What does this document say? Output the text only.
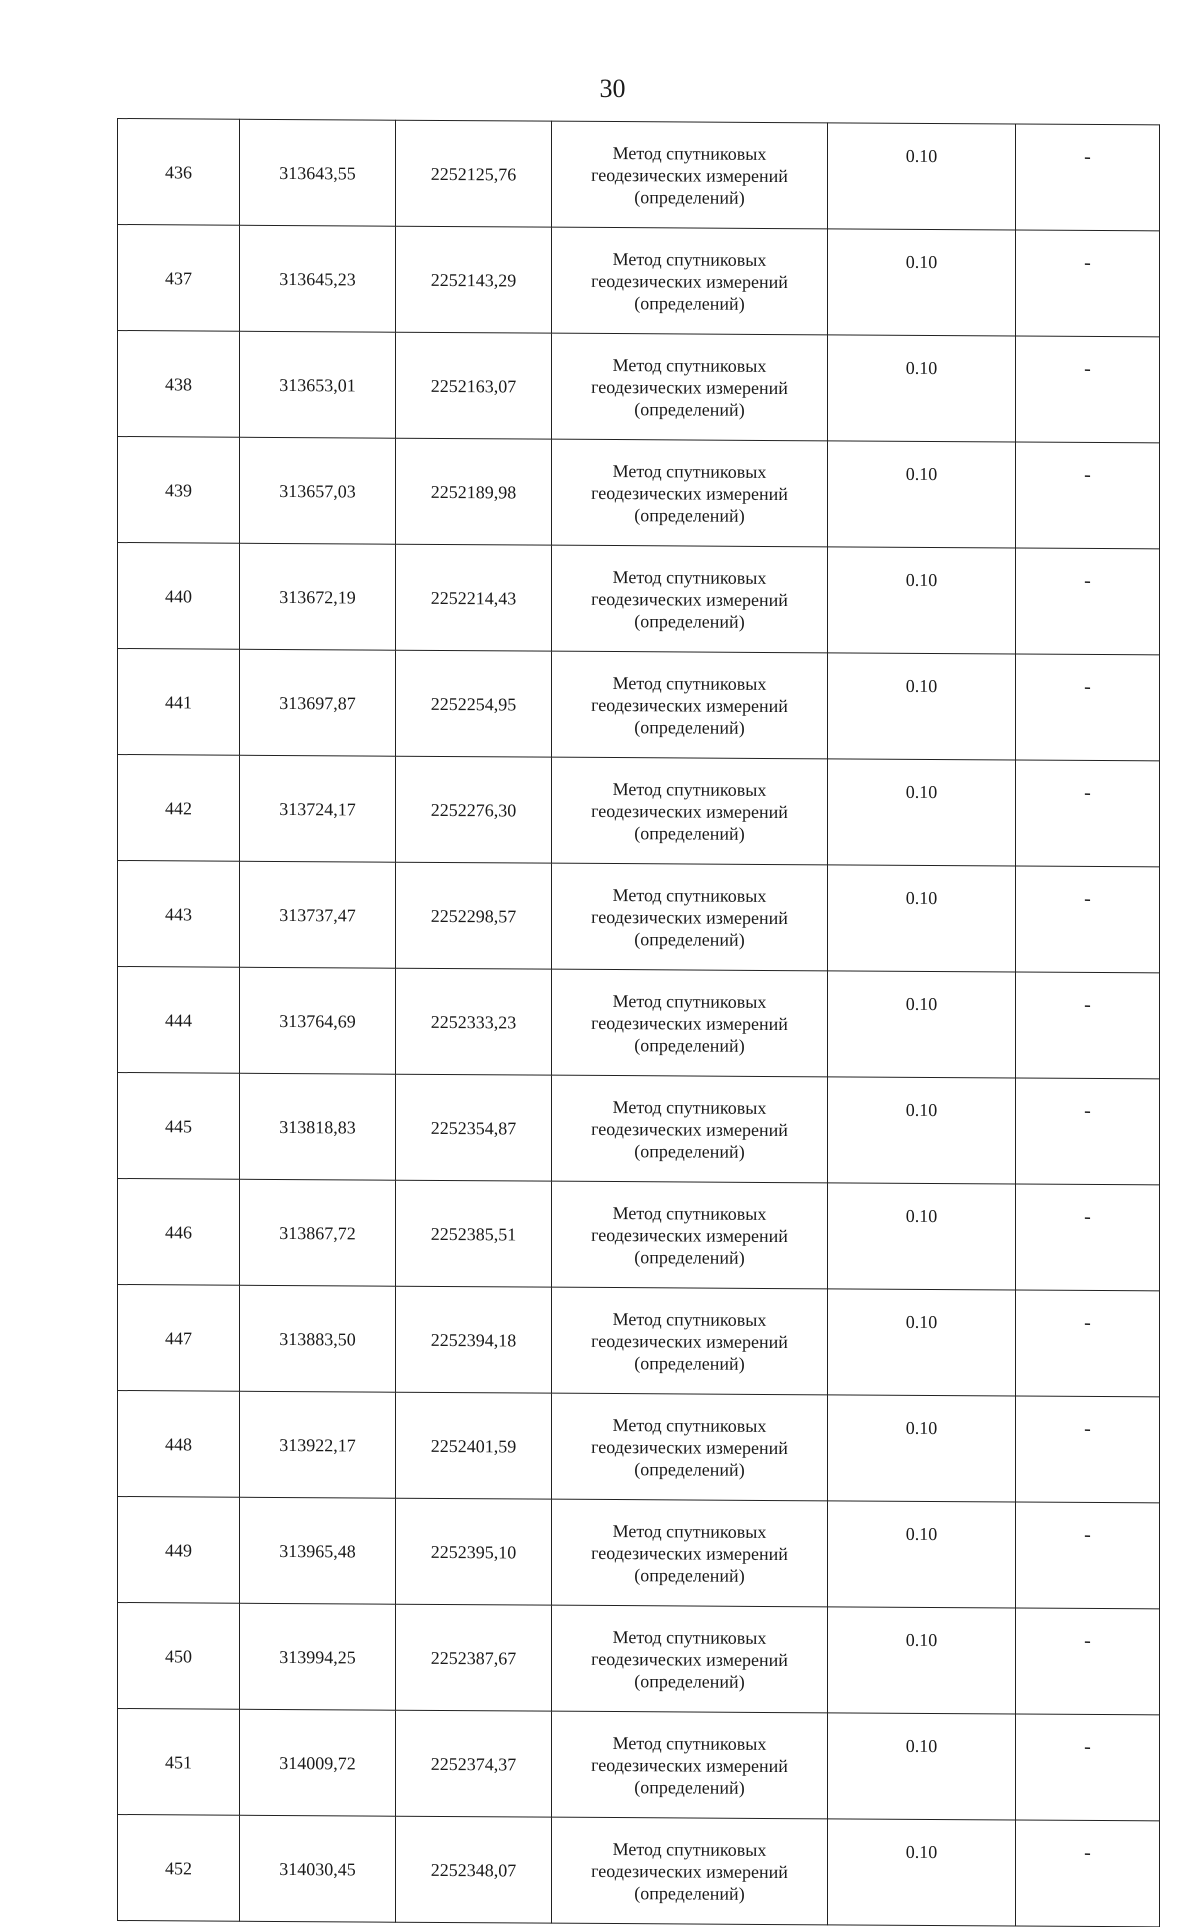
30
436	313643,55	2252125,76	Метод спутниковых
геодезических измерений
(определений)	0.10	-
437	313645,23	2252143,29	Метод спутниковых
геодезических измерений
(определений)	0.10	-
438	313653,01	2252163,07	Метод спутниковых
геодезических измерений
(определений)	0.10	-
439	313657,03	2252189,98	Метод спутниковых
геодезических измерений
(определений)	0.10	-
440	313672,19	2252214,43	Метод спутниковых
геодезических измерений
(определений)	0.10	-
441	313697,87	2252254,95	Метод спутниковых
геодезических измерений
(определений)	0.10	-
442	313724,17	2252276,30	Метод спутниковых
геодезических измерений
(определений)	0.10	-
443	313737,47	2252298,57	Метод спутниковых
геодезических измерений
(определений)	0.10	-
444	313764,69	2252333,23	Метод спутниковых
геодезических измерений
(определений)	0.10	-
445	313818,83	2252354,87	Метод спутниковых
геодезических измерений
(определений)	0.10	-
446	313867,72	2252385,51	Метод спутниковых
геодезических измерений
(определений)	0.10	-
447	313883,50	2252394,18	Метод спутниковых
геодезических измерений
(определений)	0.10	-
448	313922,17	2252401,59	Метод спутниковых
геодезических измерений
(определений)	0.10	-
449	313965,48	2252395,10	Метод спутниковых
геодезических измерений
(определений)	0.10	-
450	313994,25	2252387,67	Метод спутниковых
геодезических измерений
(определений)	0.10	-
451	314009,72	2252374,37	Метод спутниковых
геодезических измерений
(определений)	0.10	-
452	314030,45	2252348,07	Метод спутниковых
геодезических измерений
(определений)	0.10	-
